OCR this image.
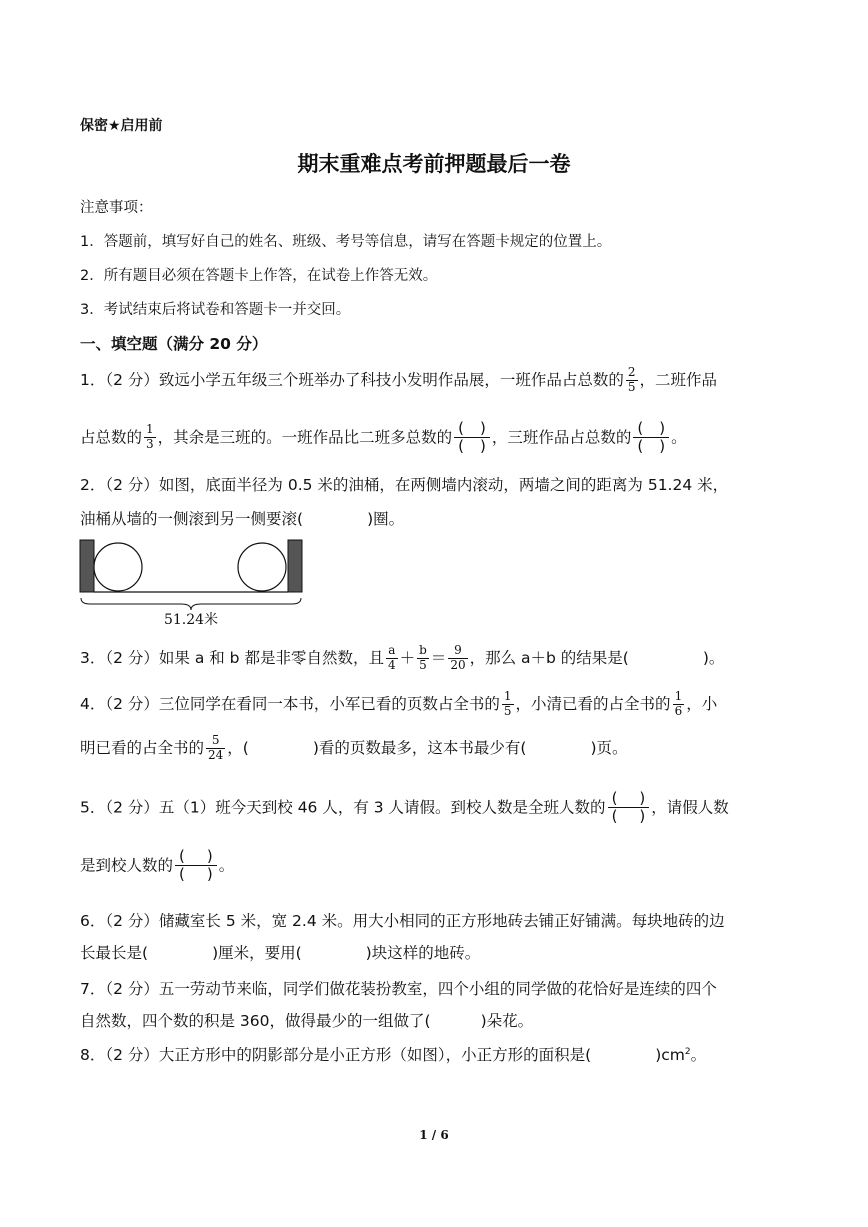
保密★启用前
期末重难点考前押题最后一卷
注意事项：
1．答题前，填写好自己的姓名、班级、考号等信息，请写在答题卡规定的位置上。
2．所有题目必须在答题卡上作答，在试卷上作答无效。
3．考试结束后将试卷和答题卡一并交回。
一、填空题（满分 20 分）
1．（2 分）致远小学五年级三个班举办了科技小发明作品展，一班作品占总数的 $\frac{2}{5}$ ，二班作品
占总数的 $\frac{1}{3}$ ，其余是三班的。一班作品比二班多总数的 $\frac{( )}{( )}$ ，三班作品占总数的 $\frac{( )}{( )}$ 。
2．（2 分）如图，底面半径为 0.5 米的油桶，在两侧墙内滚动，两墙之间的距离为 51.24 米，
油桶从墙的一侧滚到另一侧要滚(	)圈。
51.24米
3．（2 分）如果 a 和 b 都是非零自然数，且 $\frac{a}{4} + \frac{b}{5} = \frac{9}{20}$ ，那么 a＋b 的结果是(	)。
4．（2 分）三位同学在看同一本书，小军已看的页数占全书的 $\frac{1}{5}$ ，小清已看的占全书的 $\frac{1}{6}$ ，小
明已看的占全书的 $\frac{5}{24}$ ，(	)看的页数最多，这本书最少有(	)页。
5．（2 分）五（1）班今天到校 46 人，有 3 人请假。到校人数是全班人数的 $\frac{( )}{( )}$ ，请假人数
是到校人数的 $\frac{( )}{( )}$ 。
6．（2 分）储藏室长 5 米，宽 2.4 米。用大小相同的正方形地砖去铺正好铺满。每块地砖的边
长最长是(	)厘米，要用(	)块这样的地砖。
7．（2 分）五一劳动节来临，同学们做花装扮教室，四个小组的同学做的花恰好是连续的四个
自然数，四个数的积是 360，做得最少的一组做了(	)朵花。
8．（2 分）大正方形中的阴影部分是小正方形（如图），小正方形的面积是(	)$cm^2$。
1 / 6
